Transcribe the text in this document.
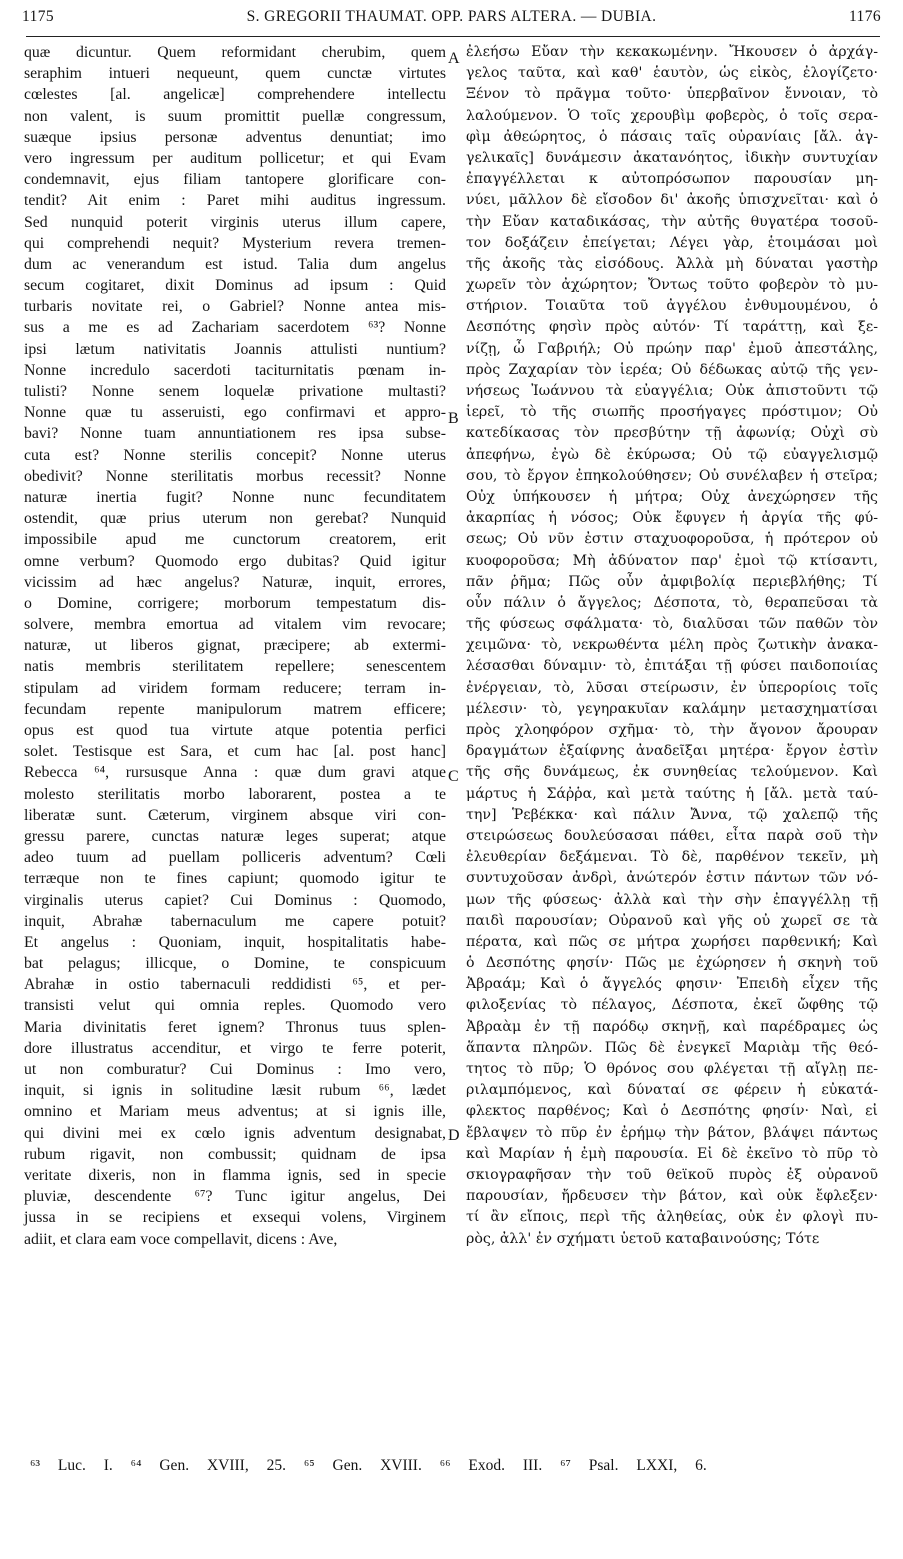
1175	S. GREGORII THAUMAT. OPP. PARS ALTERA. — DUBIA.	1176
quæ dicuntur. Quem reformidant cherubim, quem
seraphim intueri nequeunt, quem cunctæ virtutes
cœlestes [al. angelicæ] comprehendere intellectu
non valent, is suum promittit puellæ congressum,
suæque ipsius personæ adventus denuntiat; imo
vero ingressum per auditum pollicetur; et qui Evam
condemnavit, ejus filiam tantopere glorificare con-
tendit? Ait enim : Paret mihi auditus ingressum.
Sed nunquid poterit virginis uterus illum capere,
qui comprehendi nequit? Mysterium revera tremen-
dum ac venerandum est istud. Talia dum angelus
secum cogitaret, dixit Dominus ad ipsum : Quid
turbaris novitate rei, o Gabriel? Nonne antea mis-
sus a me es ad Zachariam sacerdotem ⁶³? Nonne
ipsi lætum nativitatis Joannis attulisti nuntium?
Nonne incredulo sacerdoti taciturnitatis pœnam in-
tulisti? Nonne senem loquelæ privatione multasti?
Nonne quæ tu asseruisti, ego confirmavi et appro-
bavi? Nonne tuam annuntiationem res ipsa subse-
cuta est? Nonne sterilis concepit? Nonne uterus
obedivit? Nonne sterilitatis morbus recessit? Nonne
naturæ inertia fugit? Nonne nunc fecunditatem
ostendit, quæ prius uterum non gerebat? Nunquid
impossibile apud me cunctorum creatorem, erit
omne verbum? Quomodo ergo dubitas? Quid igitur
vicissim ad hæc angelus? Naturæ, inquit, errores,
o Domine, corrigere; morborum tempestatum dis-
solvere, membra emortua ad vitalem vim revocare;
naturæ, ut liberos gignat, præcipere; ab extermi-
natis membris sterilitatem repellere; senescentem
stipulam ad viridem formam reducere; terram in-
fecundam repente manipulorum matrem efficere;
opus est quod tua virtute atque potentia perfici
solet. Testisque est Sara, et cum hac [al. post hanc]
Rebecca ⁶⁴, rursusque Anna : quæ dum gravi atque
molesto sterilitatis morbo laborarent, postea a te
liberatæ sunt. Cæterum, virginem absque viri con-
gressu parere, cunctas naturæ leges superat; atque
adeo tuum ad puellam polliceris adventum? Cœli
terræque non te fines capiunt; quomodo igitur te
virginalis uterus capiet? Cui Dominus : Quomodo,
inquit, Abrahæ tabernaculum me capere potuit?
Et angelus : Quoniam, inquit, hospitalitatis habe-
bat pelagus; illicque, o Domine, te conspicuum
Abrahæ in ostio tabernaculi reddidisti ⁶⁵, et per-
transisti velut qui omnia reples. Quomodo vero
Maria divinitatis feret ignem? Thronus tuus splen-
dore illustratus accenditur, et virgo te ferre poterit,
ut non comburatur? Cui Dominus : Imo vero,
inquit, si ignis in solitudine læsit rubum ⁶⁶, lædet
omnino et Mariam meus adventus; at si ignis ille,
qui divini mei ex cœlo ignis adventum designabat,
rubum rigavit, non combussit; quidnam de ipsa
veritate dixeris, non in flamma ignis, sed in specie
pluviæ, descendente ⁶⁷? Tunc igitur angelus, Dei
jussa in se recipiens et exsequi volens, Virginem
adiit, et clara eam voce compellavit, dicens : Ave,
ἐλεήσω Εὔαν τὴν κεκακωμένην. Ἤκουσεν ὁ ἀρχάγ-
γελος ταῦτα, καὶ καθ' ἑαυτὸν, ὡς εἰκὸς, ἐλογίζετο·
Ξένον τὸ πρᾶγμα τοῦτο· ὑπερβαῖνον ἔννοιαν, τὸ
λαλούμενον. Ὁ τοῖς χερουβὶμ φοβερὸς, ὁ τοῖς σερα-
φὶμ ἀθεώρητος, ὁ πάσαις ταῖς οὐρανίαις [ἄλ. ἀγ-
γελικαῖς] δυνάμεσιν ἀκατανόητος, ἰδικὴν συντυχίαν
ἐπαγγέλλεται κ αὐτοπρόσωπον παρουσίαν μη-
νύει, μᾶλλον δὲ εἴσοδον δι' ἀκοῆς ὑπισχνεῖται· καὶ ὁ
τὴν Εὔαν καταδικάσας, τὴν αὐτῆς θυγατέρα τοσοῦ-
τον δοξάζειν ἐπείγεται; Λέγει γὰρ, ἑτοιμάσαι μοὶ
τῆς ἀκοῆς τὰς εἰσόδους. Ἀλλὰ μὴ δύναται γαστὴρ
χωρεῖν τὸν ἀχώρητον; Ὄντως τοῦτο φοβερὸν τὸ μυ-
στήριον. Τοιαῦτα τοῦ ἀγγέλου ἐνθυμουμένου, ὁ
Δεσπότης φησὶν πρὸς αὐτόν· Τί ταράττῃ, καὶ ξε-
νίζῃ, ὦ Γαβριήλ; Οὐ πρώην παρ' ἐμοῦ ἀπεστάλης,
πρὸς Ζαχαρίαν τὸν ἱερέα; Οὐ δέδωκας αὐτῷ τῆς γεν-
νήσεως Ἰωάννου τὰ εὐαγγέλια; Οὐκ ἀπιστοῦντι τῷ
ἱερεῖ, τὸ τῆς σιωπῆς προσήγαγες πρόστιμον; Οὐ
κατεδίκασας τὸν πρεσβύτην τῇ ἀφωνίᾳ; Οὐχὶ σὺ
ἀπεφήνω, ἐγὼ δὲ ἐκύρωσα; Οὐ τῷ εὐαγγελισμῷ
σου, τὸ ἔργον ἐπηκολούθησεν; Οὐ συνέλαβεν ἡ στεῖρα;
Οὐχ ὑπήκουσεν ἡ μήτρα; Οὐχ ἀνεχώρησεν τῆς
ἀκαρπίας ἡ νόσος; Οὐκ ἔφυγεν ἡ ἀργία τῆς φύ-
σεως; Οὐ νῦν ἐστιν σταχυοφοροῦσα, ἡ πρότερον οὐ
κυοφοροῦσα; Μὴ ἀδύνατον παρ' ἐμοὶ τῷ κτίσαντι,
πᾶν ῥῆμα; Πῶς οὖν ἀμφιβολίᾳ περιεβλήθης; Τί
οὖν πάλιν ὁ ἄγγελος; Δέσποτα, τὸ, θεραπεῦσαι τὰ
τῆς φύσεως σφάλματα· τὸ, διαλῦσαι τῶν παθῶν τὸν
χειμῶνα· τὸ, νεκρωθέντα μέλη πρὸς ζωτικὴν ἀνακα-
λέσασθαι δύναμιν· τὸ, ἐπιτάξαι τῇ φύσει παιδοποιίας
ἐνέργειαν, τὸ, λῦσαι στείρωσιν, ἐν ὑπερορίοις τοῖς
μέλεσιν· τὸ, γεγηρακυῖαν καλάμην μετασχηματίσαι
πρὸς χλοηφόρον σχῆμα· τὸ, τὴν ἄγονον ἄρουραν
δραγμάτων ἐξαίφνης ἀναδεῖξαι μητέρα· ἔργον ἐστὶν
τῆς σῆς δυνάμεως, ἐκ συνηθείας τελούμενον. Καὶ
μάρτυς ἡ Σάῤῥα, καὶ μετὰ ταύτης ἡ [ἄλ. μετὰ ταύ-
την] Ῥεβέκκα· καὶ πάλιν Ἄννα, τῷ χαλεπῷ τῆς
στειρώσεως δουλεύσασαι πάθει, εἶτα παρὰ σοῦ τὴν
ἐλευθερίαν δεξάμεναι. Τὸ δὲ, παρθένον τεκεῖν, μὴ
συντυχοῦσαν ἀνδρὶ, ἀνώτερόν ἐστιν πάντων τῶν νό-
μων τῆς φύσεως· ἀλλὰ καὶ τὴν σὴν ἐπαγγέλλῃ τῇ
παιδὶ παρουσίαν; Οὐρανοῦ καὶ γῆς οὐ χωρεῖ σε τὰ
πέρατα, καὶ πῶς σε μήτρα χωρήσει παρθενική; Καὶ
ὁ Δεσπότης φησίν· Πῶς με ἐχώρησεν ἡ σκηνὴ τοῦ
Ἀβραάμ; Καὶ ὁ ἄγγελός φησιν· Ἐπειδὴ εἶχεν τῆς
φιλοξενίας τὸ πέλαγος, Δέσποτα, ἐκεῖ ὤφθης τῷ
Ἀβραὰμ ἐν τῇ παρόδῳ σκηνῇ, καὶ παρέδραμες ὡς
ἅπαντα πληρῶν. Πῶς δὲ ἐνεγκεῖ Μαριὰμ τῆς θεό-
τητος τὸ πῦρ; Ὁ θρόνος σου φλέγεται τῇ αἴγλῃ πε-
ριλαμπόμενος, καὶ δύναταί σε φέρειν ἡ εὐκατά-
φλεκτος παρθένος; Καὶ ὁ Δεσπότης φησίν· Ναὶ, εἰ
ἔβλαψεν τὸ πῦρ ἐν ἐρήμῳ τὴν βάτον, βλάψει πάντως
καὶ Μαρίαν ἡ ἐμὴ παρουσία. Εἰ δὲ ἐκεῖνο τὸ πῦρ τὸ
σκιογραφῆσαν τὴν τοῦ θεϊκοῦ πυρὸς ἐξ οὐρανοῦ
παρουσίαν, ἤρδευσεν τὴν βάτον, καὶ οὐκ ἔφλεξεν·
τί ἂν εἴποις, περὶ τῆς ἀληθείας, οὐκ ἐν φλογὶ πυ-
ρὸς, ἀλλ' ἐν σχήματι ὑετοῦ καταβαινούσης; Τότε
A
B
C
D
⁶³ Luc. I. ⁶⁴ Gen. XVIII, 25. ⁶⁵ Gen. XVIII. ⁶⁶ Exod. III. ⁶⁷ Psal. LXXI, 6.
